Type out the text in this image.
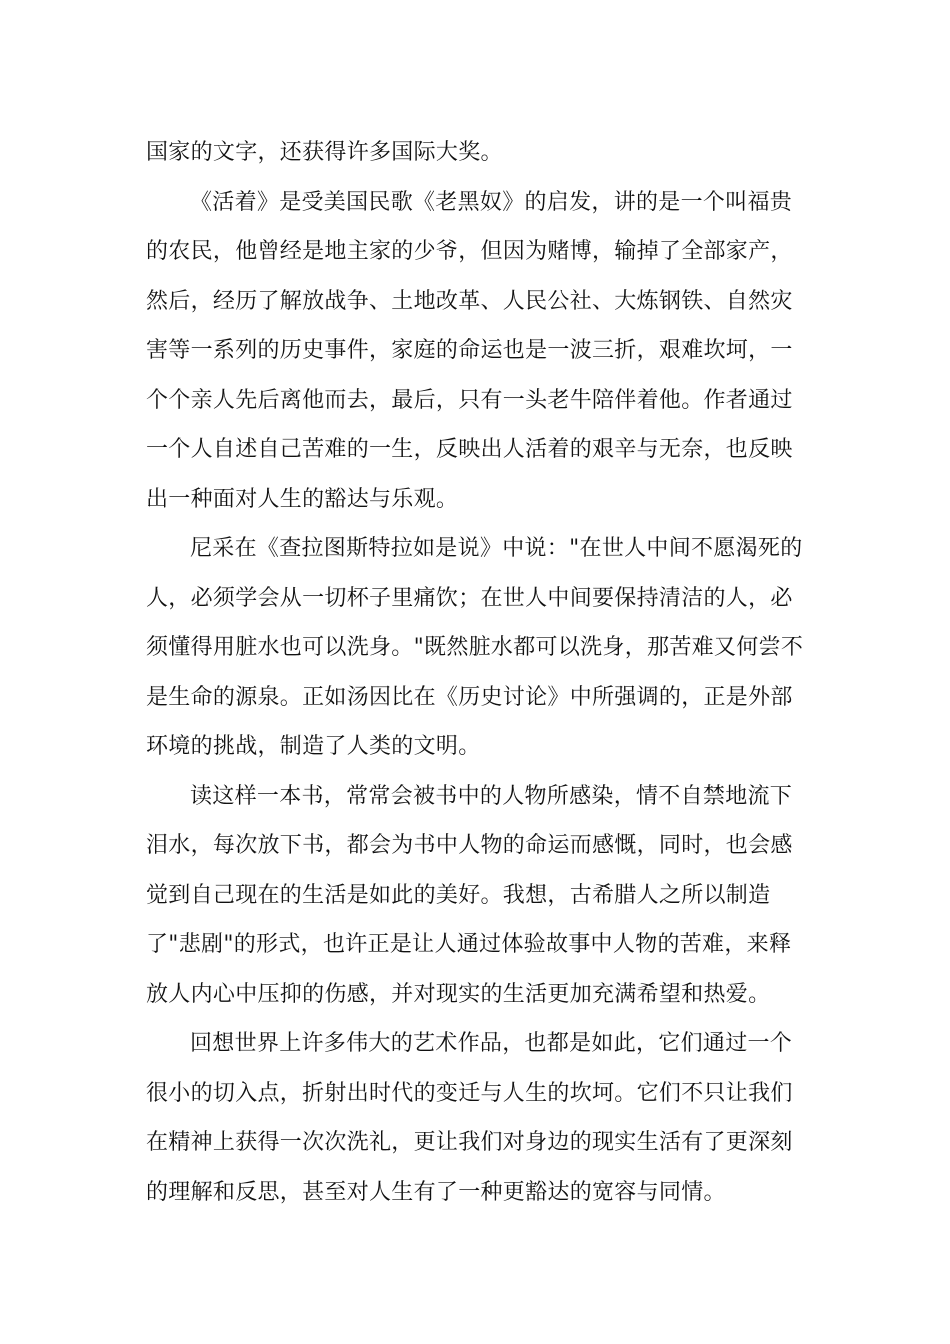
国家的文字，还获得许多国际大奖。
《活着》是受美国民歌《老黑奴》的启发，讲的是一个叫福贵
的农民，他曾经是地主家的少爷，但因为赌博，输掉了全部家产，
然后，经历了解放战争、土地改革、人民公社、大炼钢铁、自然灾
害等一系列的历史事件，家庭的命运也是一波三折，艰难坎坷，一
个个亲人先后离他而去，最后，只有一头老牛陪伴着他。作者通过
一个人自述自己苦难的一生，反映出人活着的艰辛与无奈，也反映
出一种面对人生的豁达与乐观。
尼采在《查拉图斯特拉如是说》中说："在世人中间不愿渴死的
人，必须学会从一切杯子里痛饮；在世人中间要保持清洁的人，必
须懂得用脏水也可以洗身。"既然脏水都可以洗身，那苦难又何尝不
是生命的源泉。正如汤因比在《历史讨论》中所强调的，正是外部
环境的挑战，制造了人类的文明。
读这样一本书，常常会被书中的人物所感染，情不自禁地流下
泪水，每次放下书，都会为书中人物的命运而感慨，同时，也会感
觉到自己现在的生活是如此的美好。我想，古希腊人之所以制造
了"悲剧"的形式，也许正是让人通过体验故事中人物的苦难，来释
放人内心中压抑的伤感，并对现实的生活更加充满希望和热爱。
回想世界上许多伟大的艺术作品，也都是如此，它们通过一个
很小的切入点，折射出时代的变迁与人生的坎坷。它们不只让我们
在精神上获得一次次洗礼，更让我们对身边的现实生活有了更深刻
的理解和反思，甚至对人生有了一种更豁达的宽容与同情。
